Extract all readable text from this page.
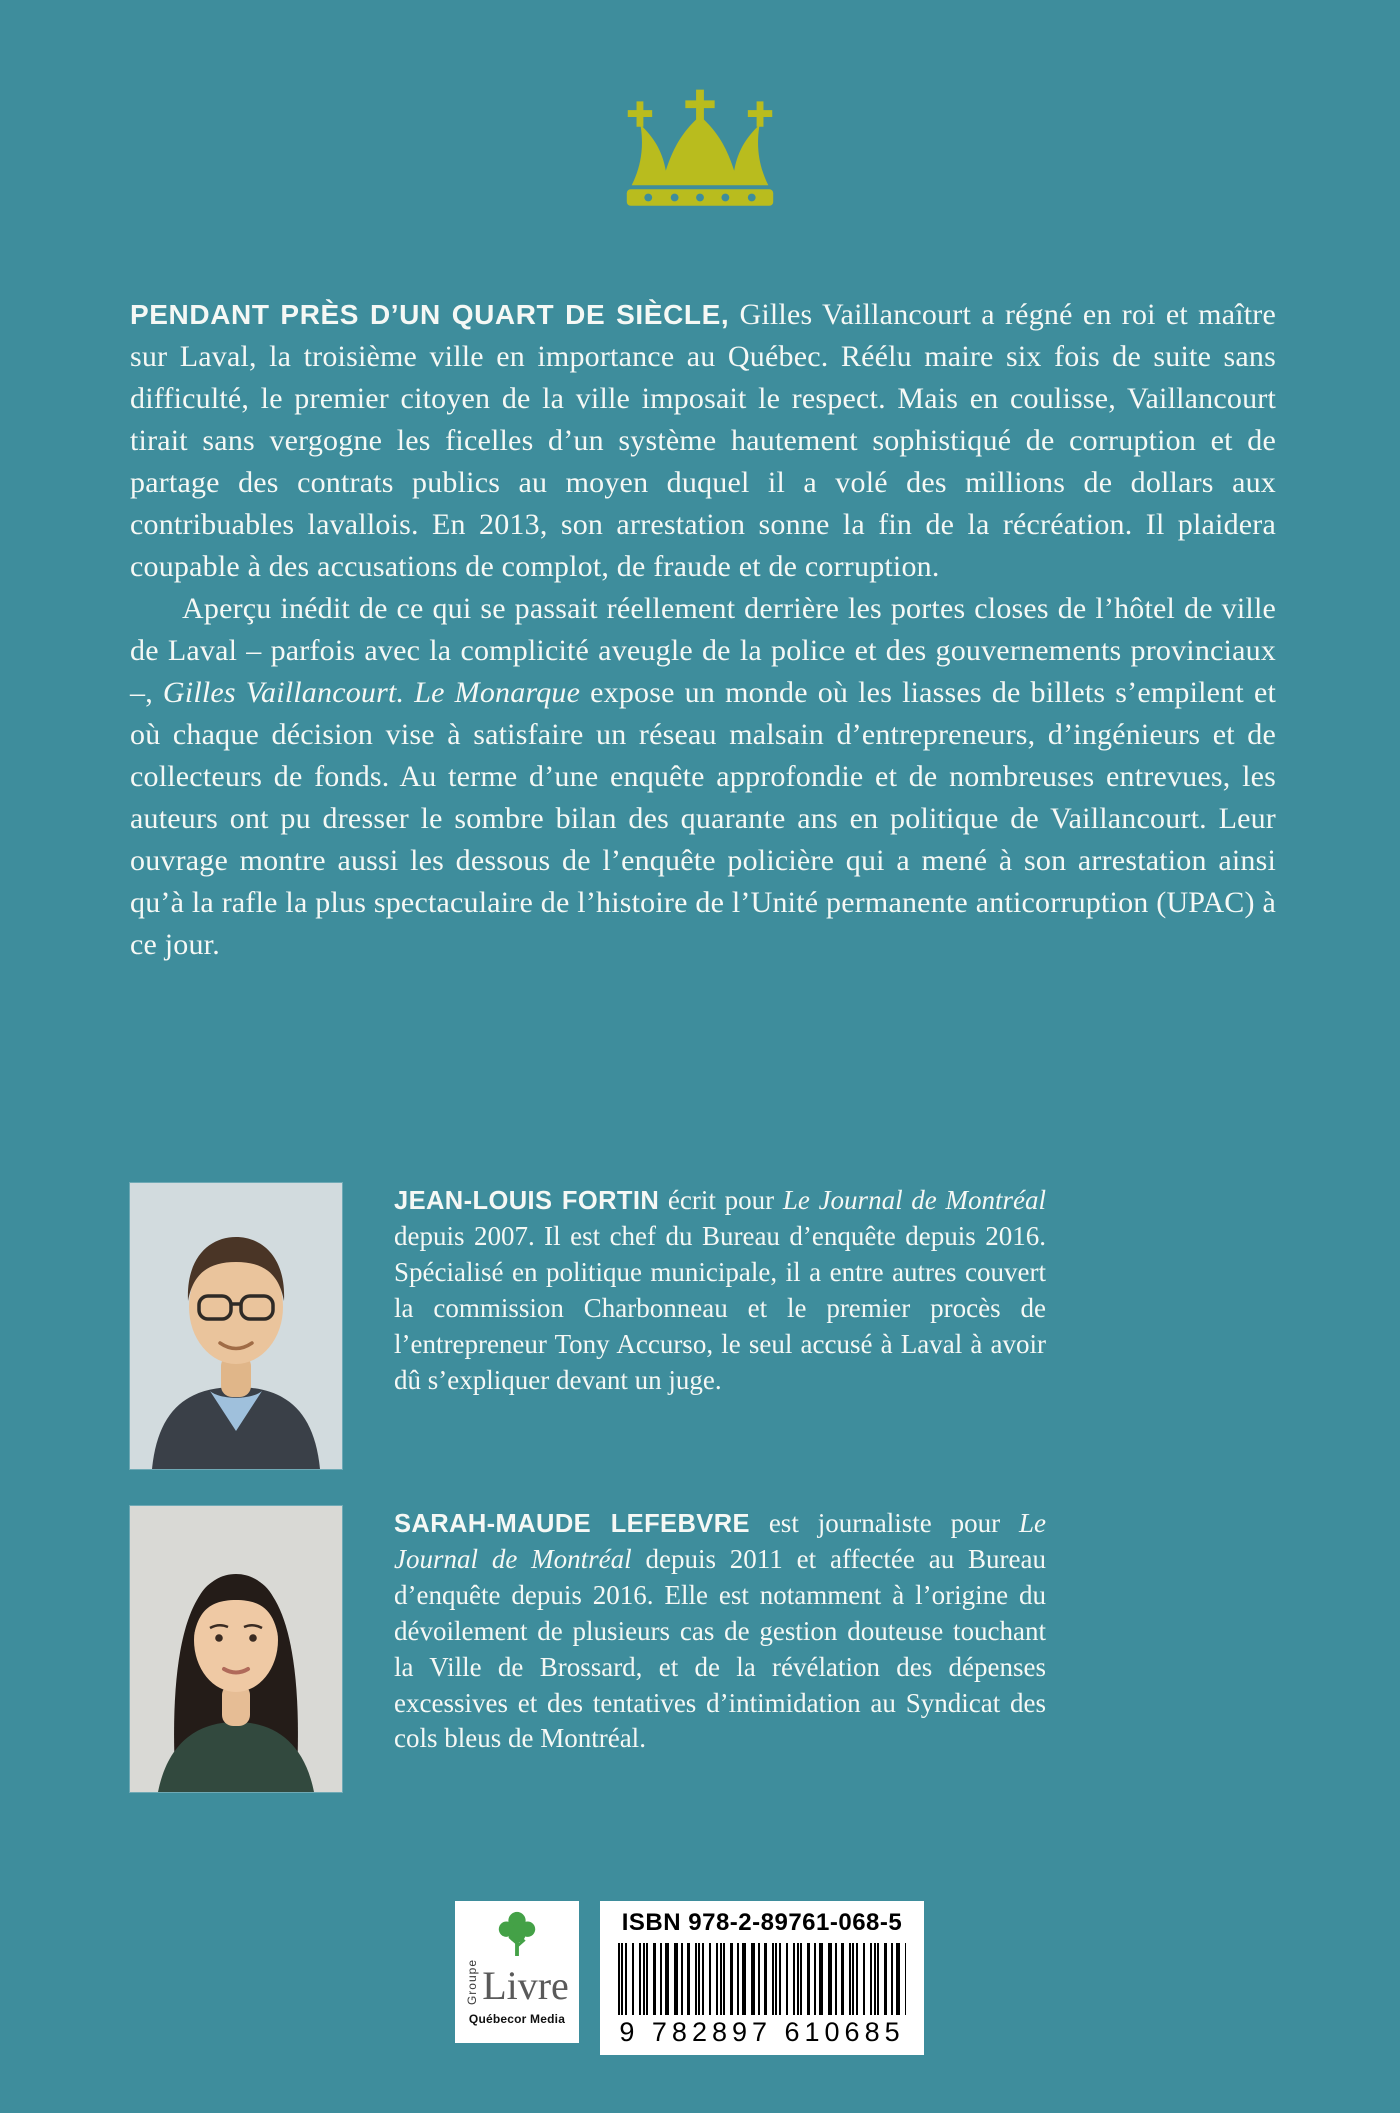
PENDANT PRÈS D’UN QUART DE SIÈCLE, Gilles Vaillancourt a régné en roi et maître sur Laval, la troisième ville en importance au Québec. Réélu maire six fois de suite sans difficulté, le premier citoyen de la ville imposait le respect. Mais en coulisse, Vaillancourt tirait sans vergogne les ficelles d’un système hautement sophistiqué de corruption et de partage des contrats publics au moyen duquel il a volé des millions de dollars aux contribuables lavallois. En 2013, son arrestation sonne la fin de la récréation. Il plaidera coupable à des accusations de complot, de fraude et de corruption.

Aperçu inédit de ce qui se passait réellement derrière les portes closes de l’hôtel de ville de Laval – parfois avec la complicité aveugle de la police et des gouvernements provinciaux –, Gilles Vaillancourt. Le Monarque expose un monde où les liasses de billets s’empilent et où chaque décision vise à satisfaire un réseau malsain d’entrepreneurs, d’ingénieurs et de collecteurs de fonds. Au terme d’une enquête approfondie et de nombreuses entrevues, les auteurs ont pu dresser le sombre bilan des quarante ans en politique de Vaillancourt. Leur ouvrage montre aussi les dessous de l’enquête policière qui a mené à son arrestation ainsi qu’à la rafle la plus spectaculaire de l’histoire de l’Unité permanente anticorruption (UPAC) à ce jour.

JEAN-LOUIS FORTIN écrit pour Le Journal de Montréal depuis 2007. Il est chef du Bureau d’enquête depuis 2016. Spécialisé en politique municipale, il a entre autres couvert la commission Charbonneau et le premier procès de l’entrepreneur Tony Accurso, le seul accusé à Laval à avoir dû s’expliquer devant un juge.

SARAH-MAUDE LEFEBVRE est journaliste pour Le Journal de Montréal depuis 2011 et affectée au Bureau d’enquête depuis 2016. Elle est notamment à l’origine du dévoilement de plusieurs cas de gestion douteuse touchant la Ville de Brossard, et de la révélation des dépenses excessives et des tentatives d’intimidation au Syndicat des cols bleus de Montréal.

Groupe Livre
Québecor Media
ISBN 978-2-89761-068-5
9 782897 610685
